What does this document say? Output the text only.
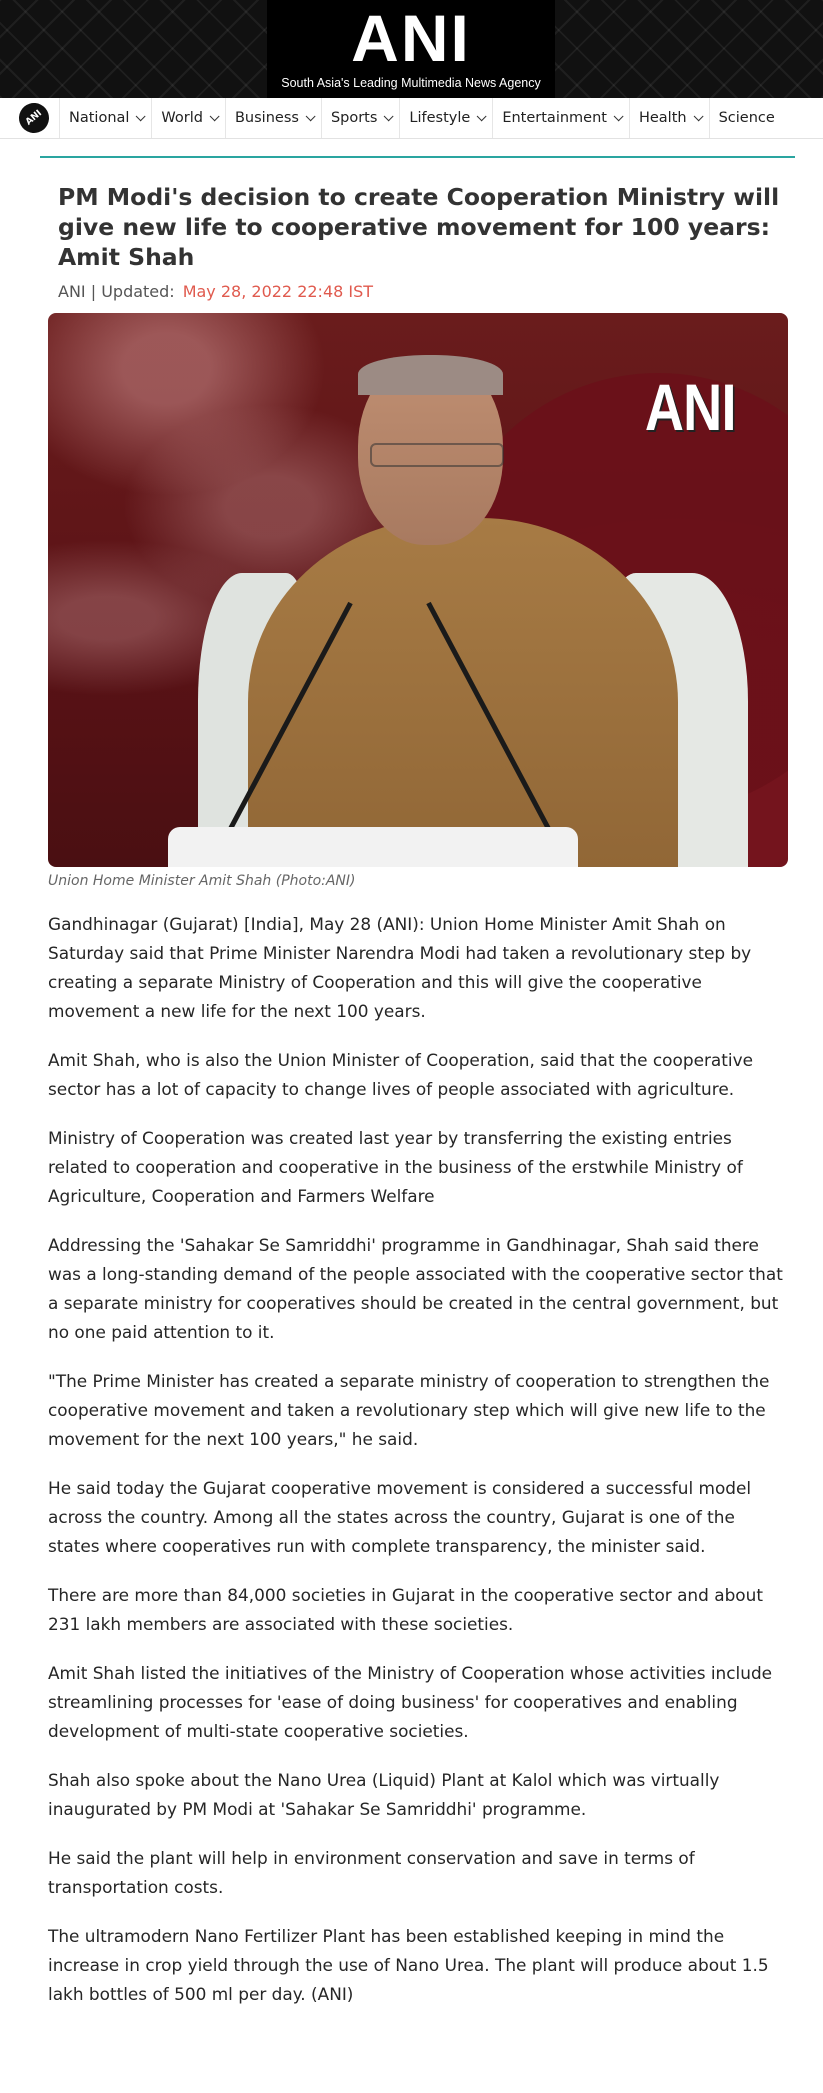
ANI
South Asia's Leading Multimedia News Agency
ANI	National World Business Sports Lifestyle Entertainment Health Science
PM Modi's decision to create Cooperation Ministry will give new life to cooperative movement for 100 years: Amit Shah
ANI | Updated: May 28, 2022 22:48 IST
ANI
Union Home Minister Amit Shah (Photo:ANI)

Gandhinagar (Gujarat) [India], May 28 (ANI): Union Home Minister Amit Shah on Saturday said that Prime Minister Narendra Modi had taken a revolutionary step by creating a separate Ministry of Cooperation and this will give the cooperative movement a new life for the next 100 years.

Amit Shah, who is also the Union Minister of Cooperation, said that the cooperative sector has a lot of capacity to change lives of people associated with agriculture.

Ministry of Cooperation was created last year by transferring the existing entries related to cooperation and cooperative in the business of the erstwhile Ministry of Agriculture, Cooperation and Farmers Welfare

Addressing the 'Sahakar Se Samriddhi' programme in Gandhinagar, Shah said there was a long-standing demand of the people associated with the cooperative sector that a separate ministry for cooperatives should be created in the central government, but no one paid attention to it.

"The Prime Minister has created a separate ministry of cooperation to strengthen the cooperative movement and taken a revolutionary step which will give new life to the movement for the next 100 years," he said.

He said today the Gujarat cooperative movement is considered a successful model across the country. Among all the states across the country, Gujarat is one of the states where cooperatives run with complete transparency, the minister said.

There are more than 84,000 societies in Gujarat in the cooperative sector and about 231 lakh members are associated with these societies.

Amit Shah listed the initiatives of the Ministry of Cooperation whose activities include streamlining processes for 'ease of doing business' for cooperatives and enabling development of multi-state cooperative societies.

Shah also spoke about the Nano Urea (Liquid) Plant at Kalol which was virtually inaugurated by PM Modi at 'Sahakar Se Samriddhi' programme.

He said the plant will help in environment conservation and save in terms of transportation costs.

The ultramodern Nano Fertilizer Plant has been established keeping in mind the increase in crop yield through the use of Nano Urea. The plant will produce about 1.5 lakh bottles of 500 ml per day. (ANI)
